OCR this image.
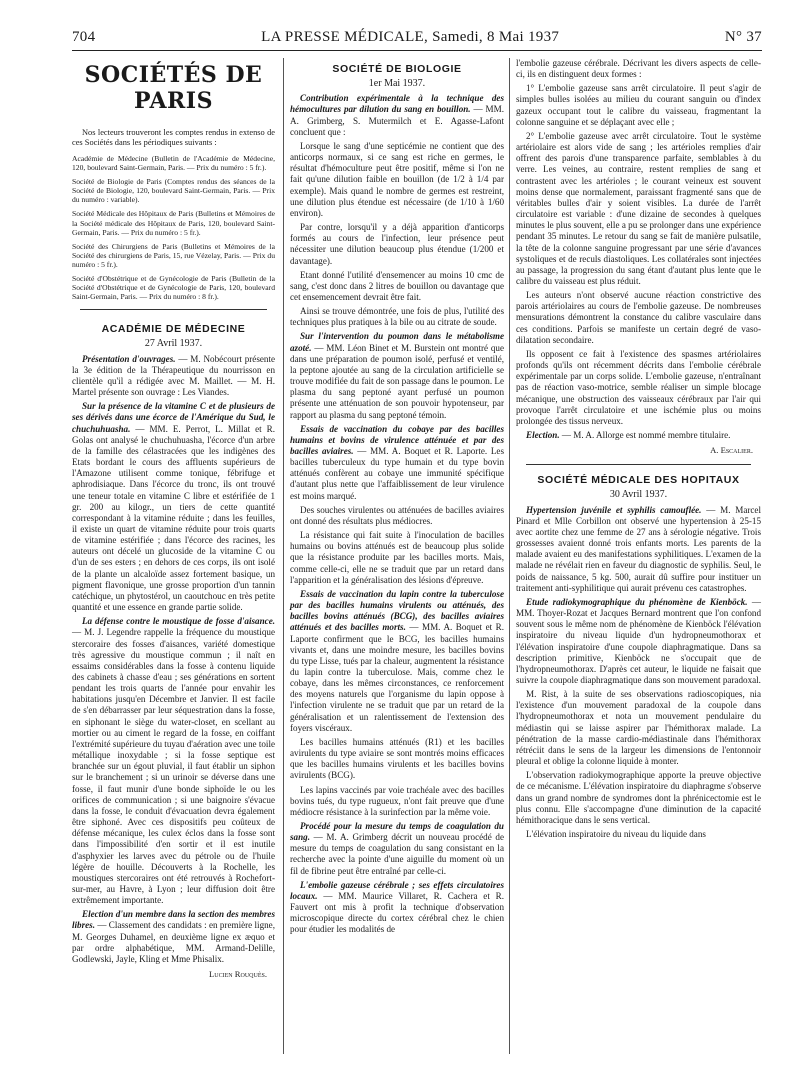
704	LA PRESSE MÉDICALE, Samedi, 8 Mai 1937	N° 37

SOCIÉTÉS DE PARIS

Nos lecteurs trouveront les comptes rendus in extenso de ces Sociétés dans les périodiques suivants :

Académie de Médecine (Bulletin de l'Académie de Médecine, 120, boulevard Saint-Germain, Paris. — Prix du numéro : 5 fr.).

Société de Biologie de Paris (Comptes rendus des séances de la Société de Biologie, 120, boulevard Saint-Germain, Paris. — Prix du numéro : variable).

Société Médicale des Hôpitaux de Paris (Bulletins et Mémoires de la Société médicale des Hôpitaux de Paris, 120, boulevard Saint-Germain, Paris. — Prix du numéro : 5 fr.).

Société des Chirurgiens de Paris (Bulletins et Mémoires de la Société des chirurgiens de Paris, 15, rue Vézelay, Paris. — Prix du numéro : 5 fr.).

Société d'Obstétrique et de Gynécologie de Paris (Bulletin de la Société d'Obstétrique et de Gynécologie de Paris, 120, boulevard Saint-Germain, Paris. — Prix du numéro : 8 fr.).

ACADÉMIE DE MÉDECINE

27 Avril 1937.

Présentation d'ouvrages. — M. Nobécourt présente la 3e édition de la Thérapeutique du nourrisson en clientèle qu'il a rédigée avec M. Maillet. — M. H. Martel présente son ouvrage : Les Viandes.

Sur la présence de la vitamine C et de plusieurs de ses dérivés dans une écorce de l'Amérique du Sud, le chuchuhuasha. — MM. E. Perrot, L. Millat et R. Golas ont analysé le chuchuhuasha, l'écorce d'un arbre de la famille des célastracées que les indigènes des Etats bordant le cours des affluents supérieurs de l'Amazone utilisent comme tonique, fébrifuge et aphrodisiaque. Dans l'écorce du tronc, ils ont trouvé une teneur totale en vitamine C libre et estérifiée de 1 gr. 200 au kilogr., un tiers de cette quantité correspondant à la vitamine réduite ; dans les feuilles, il existe un quart de vitamine réduite pour trois quarts de vitamine estérifiée ; dans l'écorce des racines, les auteurs ont décelé un glucoside de la vitamine C ou d'un de ses esters ; en dehors de ces corps, ils ont isolé de la plante un alcaloïde assez fortement basique, un pigment flavonique, une grosse proportion d'un tannin catéchique, un phytostérol, un caoutchouc en très petite quantité et une essence en grande partie solide.

La défense contre le moustique de fosse d'aisance. — M. J. Legendre rappelle la fréquence du moustique stercoraire des fosses d'aisances, variété domestique très agressive du moustique commun ; il naît en essaims considérables dans la fosse à contenu liquide des cabinets à chasse d'eau ; ses générations en sortent pendant les trois quarts de l'année pour envahir les habitations jusqu'en Décembre et Janvier. Il est facile de s'en débarrasser par leur séquestration dans la fosse, en siphonant le siège du water-closet, en scellant au mortier ou au ciment le regard de la fosse, en coiffant l'extrémité supérieure du tuyau d'aération avec une toile métallique inoxydable ; si la fosse septique est branchée sur un égout pluvial, il faut établir un siphon sur le branchement ; si un urinoir se déverse dans une fosse, il faut munir d'une bonde siphoïde le ou les orifices de communication ; si une baignoire s'évacue dans la fosse, le conduit d'évacuation devra également être siphoné. Avec ces dispositifs peu coûteux de défense mécanique, les culex éclos dans la fosse sont dans l'impossibilité d'en sortir et il est inutile d'asphyxier les larves avec du pétrole ou de l'huile légère de houille. Découverts à la Rochelle, les moustiques stercoraires ont été retrouvés à Rochefort-sur-mer, au Havre, à Lyon ; leur diffusion doit être extrêmement importante.

Election d'un membre dans la section des membres libres. — Classement des candidats : en première ligne, M. Georges Duhamel, en deuxième ligne ex æquo et par ordre alphabétique, MM. Armand-Delille, Godlewski, Jayle, Kling et Mme Phisalix.

Lucien Rouquès.

SOCIÉTÉ DE BIOLOGIE

1er Mai 1937.

Contribution expérimentale à la technique des hémocultures par dilution du sang en bouillon. — MM. A. Grimberg, S. Mutermilch et E. Agasse-Lafont concluent que :

Lorsque le sang d'une septicémie ne contient que des anticorps normaux, si ce sang est riche en germes, le résultat d'hémoculture peut être positif, même si l'on ne fait qu'une dilution faible en bouillon (de 1/2 à 1/4 par exemple). Mais quand le nombre de germes est restreint, une dilution plus étendue est nécessaire (de 1/10 à 1/60 environ).

Par contre, lorsqu'il y a déjà apparition d'anticorps formés au cours de l'infection, leur présence peut nécessiter une dilution beaucoup plus étendue (1/200 et davantage).

Etant donné l'utilité d'ensemencer au moins 10 cmc de sang, c'est donc dans 2 litres de bouillon ou davantage que cet ensemencement devrait être fait.

Ainsi se trouve démontrée, une fois de plus, l'utilité des techniques plus pratiques à la bile ou au citrate de soude.

Sur l'intervention du poumon dans le métabolisme azoté. — MM. Léon Binet et M. Burstein ont montré que dans une préparation de poumon isolé, perfusé et ventilé, la peptone ajoutée au sang de la circulation artificielle se trouve modifiée du fait de son passage dans le poumon. Le plasma du sang peptoné ayant perfusé un poumon présente une atténuation de son pouvoir hypotenseur, par rapport au plasma du sang peptoné témoin.

Essais de vaccination du cobaye par des bacilles humains et bovins de virulence atténuée et par des bacilles aviaires. — MM. A. Boquet et R. Laporte. Les bacilles tuberculeux du type humain et du type bovin atténués confèrent au cobaye une immunité spécifique d'autant plus nette que l'affaiblissement de leur virulence est moins marqué.

Des souches virulentes ou atténuées de bacilles aviaires ont donné des résultats plus médiocres.

La résistance qui fait suite à l'inoculation de bacilles humains ou bovins atténués est de beaucoup plus solide que la résistance produite par les bacilles morts. Mais, comme celle-ci, elle ne se traduit que par un retard dans l'apparition et la généralisation des lésions d'épreuve.

Essais de vaccination du lapin contre la tuberculose par des bacilles humains virulents ou atténués, des bacilles bovins atténués (BCG), des bacilles aviaires atténués et des bacilles morts. — MM. A. Boquet et R. Laporte confirment que le BCG, les bacilles humains vivants et, dans une moindre mesure, les bacilles bovins du type Lisse, tués par la chaleur, augmentent la résistance du lapin contre la tuberculose. Mais, comme chez le cobaye, dans les mêmes circonstances, ce renforcement des moyens naturels que l'organisme du lapin oppose à l'infection virulente ne se traduit que par un retard de la généralisation et un ralentissement de l'extension des foyers viscéraux.

Les bacilles humains atténués (R1) et les bacilles avirulents du type aviaire se sont montrés moins efficaces que les bacilles humains virulents et les bacilles bovins avirulents (BCG).

Les lapins vaccinés par voie trachéale avec des bacilles bovins tués, du type rugueux, n'ont fait preuve que d'une médiocre résistance à la surinfection par la même voie.

Procédé pour la mesure du temps de coagulation du sang. — M. A. Grimberg décrit un nouveau procédé de mesure du temps de coagulation du sang consistant en la recherche avec la pointe d'une aiguille du moment où un fil de fibrine peut être entraîné par celle-ci.

L'embolie gazeuse cérébrale ; ses effets circulatoires locaux. — MM. Maurice Villaret, R. Cachera et R. Fauvert ont mis à profit la technique d'observation microscopique directe du cortex cérébral chez le chien pour étudier les modalités de

l'embolie gazeuse cérébrale. Décrivant les divers aspects de celle-ci, ils en distinguent deux formes :

1° L'embolie gazeuse sans arrêt circulatoire. Il peut s'agir de simples bulles isolées au milieu du courant sanguin ou d'index gazeux occupant tout le calibre du vaisseau, fragmentant la colonne sanguine et se déplaçant avec elle ;

2° L'embolie gazeuse avec arrêt circulatoire. Tout le système artériolaire est alors vide de sang ; les artérioles remplies d'air offrent des parois d'une transparence parfaite, semblables à du verre. Les veines, au contraire, restent remplies de sang et contrastent avec les artérioles ; le courant veineux est souvent moins dense que normalement, paraissant fragmenté sans que de véritables bulles d'air y soient visibles. La durée de l'arrêt circulatoire est variable : d'une dizaine de secondes à quelques minutes le plus souvent, elle a pu se prolonger dans une expérience pendant 35 minutes. Le retour du sang se fait de manière pulsatile, la tête de la colonne sanguine progressant par une série d'avances systoliques et de reculs diastoliques. Les collatérales sont injectées au passage, la progression du sang étant d'autant plus lente que le calibre du vaisseau est plus réduit.

Les auteurs n'ont observé aucune réaction constrictive des parois artériolaires au cours de l'embolie gazeuse. De nombreuses mensurations démontrent la constance du calibre vasculaire dans ces conditions. Parfois se manifeste un certain degré de vaso-dilatation secondaire.

Ils opposent ce fait à l'existence des spasmes artériolaires profonds qu'ils ont récemment décrits dans l'embolie cérébrale expérimentale par un corps solide. L'embolie gazeuse, n'entraînant pas de réaction vaso-motrice, semble réaliser un simple blocage mécanique, une obstruction des vaisseaux cérébraux par l'air qui provoque l'arrêt circulatoire et une ischémie plus ou moins prolongée des tissus nerveux.

Election. — M. A. Allorge est nommé membre titulaire.

A. Escalier.

SOCIÉTÉ MÉDICALE DES HOPITAUX

30 Avril 1937.

Hypertension juvénile et syphilis camouflée. — M. Marcel Pinard et Mlle Corbillon ont observé une hypertension à 25-15 avec aortite chez une femme de 27 ans à sérologie négative. Trois grossesses avaient donné trois enfants morts. Les parents de la malade avaient eu des manifestations syphilitiques. L'examen de la malade ne révélait rien en faveur du diagnostic de syphilis. Seul, le poids de naissance, 5 kg. 500, aurait dû suffire pour instituer un traitement anti-syphilitique qui aurait prévenu ces catastrophes.

Etude radiokymographique du phénomène de Kienböck. — MM. Thoyer-Rozat et Jacques Bernard montrent que l'on confond souvent sous le même nom de phénomène de Kienböck l'élévation inspiratoire du niveau liquide d'un hydropneumothorax et l'élévation inspiratoire d'une coupole diaphragmatique. Dans sa description primitive, Kienböck ne s'occupait que de l'hydropneumothorax. D'après cet auteur, le liquide ne faisait que suivre la coupole diaphragmatique dans son mouvement paradoxal.

M. Rist, à la suite de ses observations radioscopiques, nia l'existence d'un mouvement paradoxal de la coupole dans l'hydropneumothorax et nota un mouvement pendulaire du médiastin qui se laisse aspirer par l'hémithorax malade. La pénétration de la masse cardio-médiastinale dans l'hémithorax rétréciit dans le sens de la largeur les dimensions de l'entonnoir pleural et oblige la colonne liquide à monter.

L'observation radiokymographique apporte la preuve objective de ce mécanisme. L'élévation inspiratoire du diaphragme s'observe dans un grand nombre de syndromes dont la phrénicectomie est le plus connu. Elle s'accompagne d'une diminution de la capacité hémithoracique dans le sens vertical.

L'élévation inspiratoire du niveau du liquide dans
